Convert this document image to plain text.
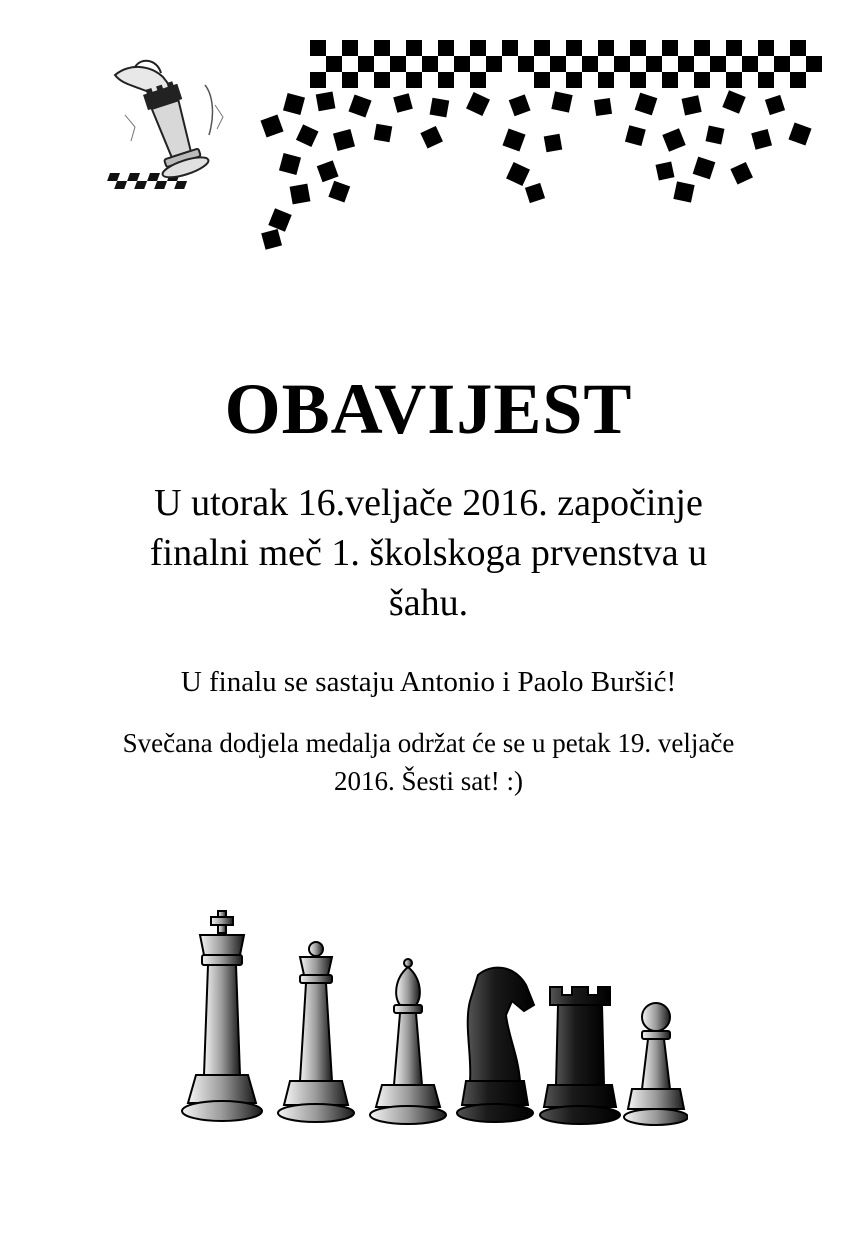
OBAVIJEST
U utorak 16.veljače 2016. započinje
finalni meč 1. školskoga prvenstva u
šahu.
U finalu se sastaju Antonio i Paolo Buršić!
Svečana dodjela medalja održat će se u petak 19. veljače
2016. Šesti sat! :)
